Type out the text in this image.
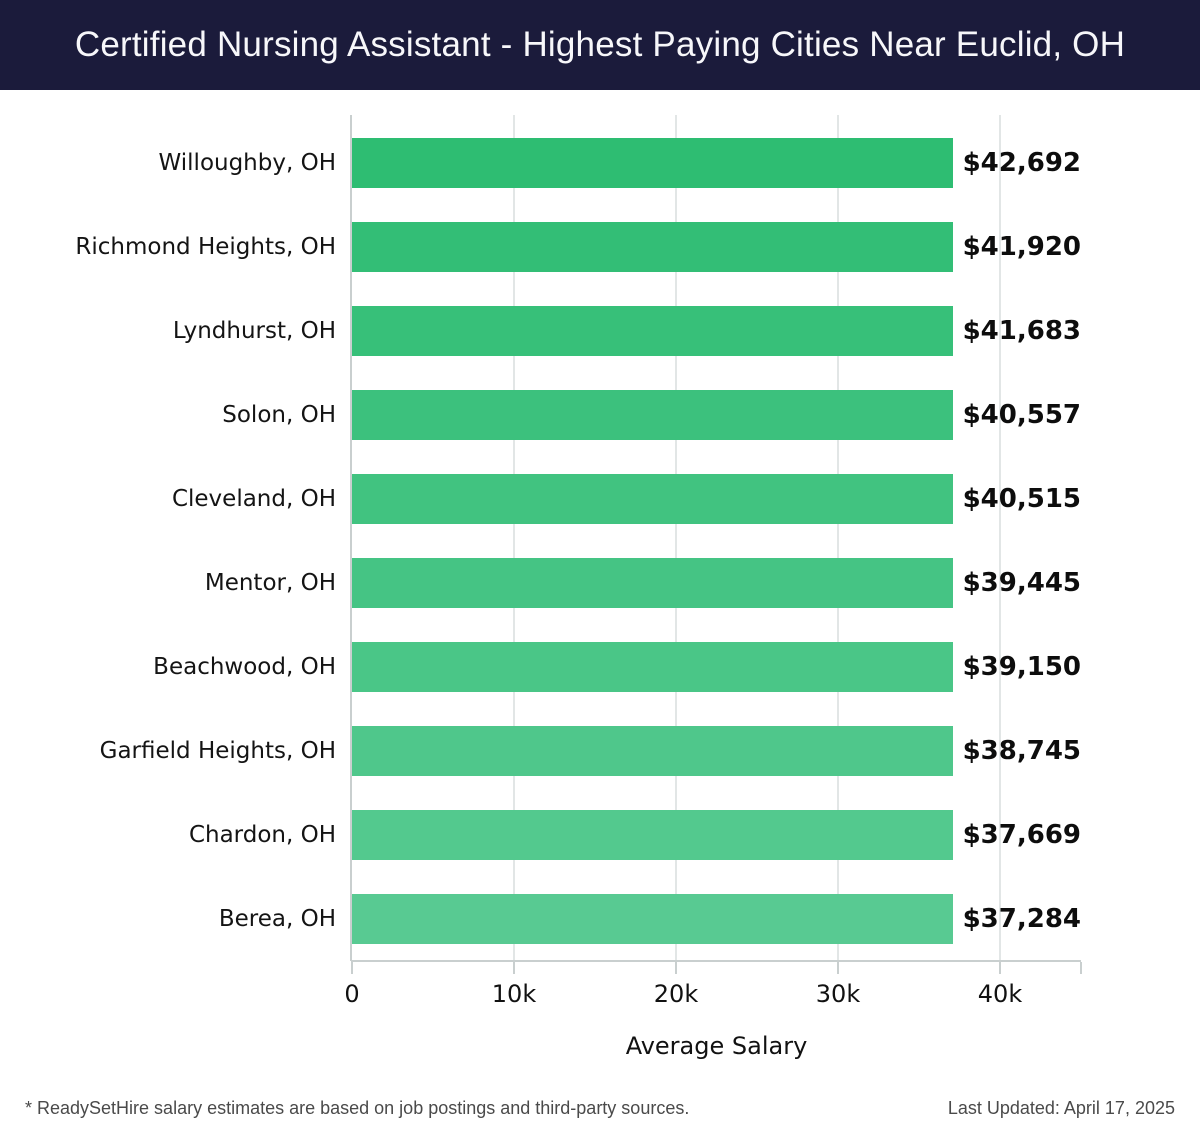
Certified Nursing Assistant - Highest Paying Cities Near Euclid, OH
Willoughby, OH
Richmond Heights, OH
Lyndhurst, OH
Solon, OH
Cleveland, OH
Mentor, OH
Beachwood, OH
Garfield Heights, OH
Chardon, OH
Berea, OH
$42,692
$41,920
$41,683
$40,557
$40,515
$39,445
$39,150
$38,745
$37,669
$37,284
0	10k	20k	30k	40k
Average Salary
* ReadySetHire salary estimates are based on job postings and third-party sources.	Last Updated: April 17, 2025
